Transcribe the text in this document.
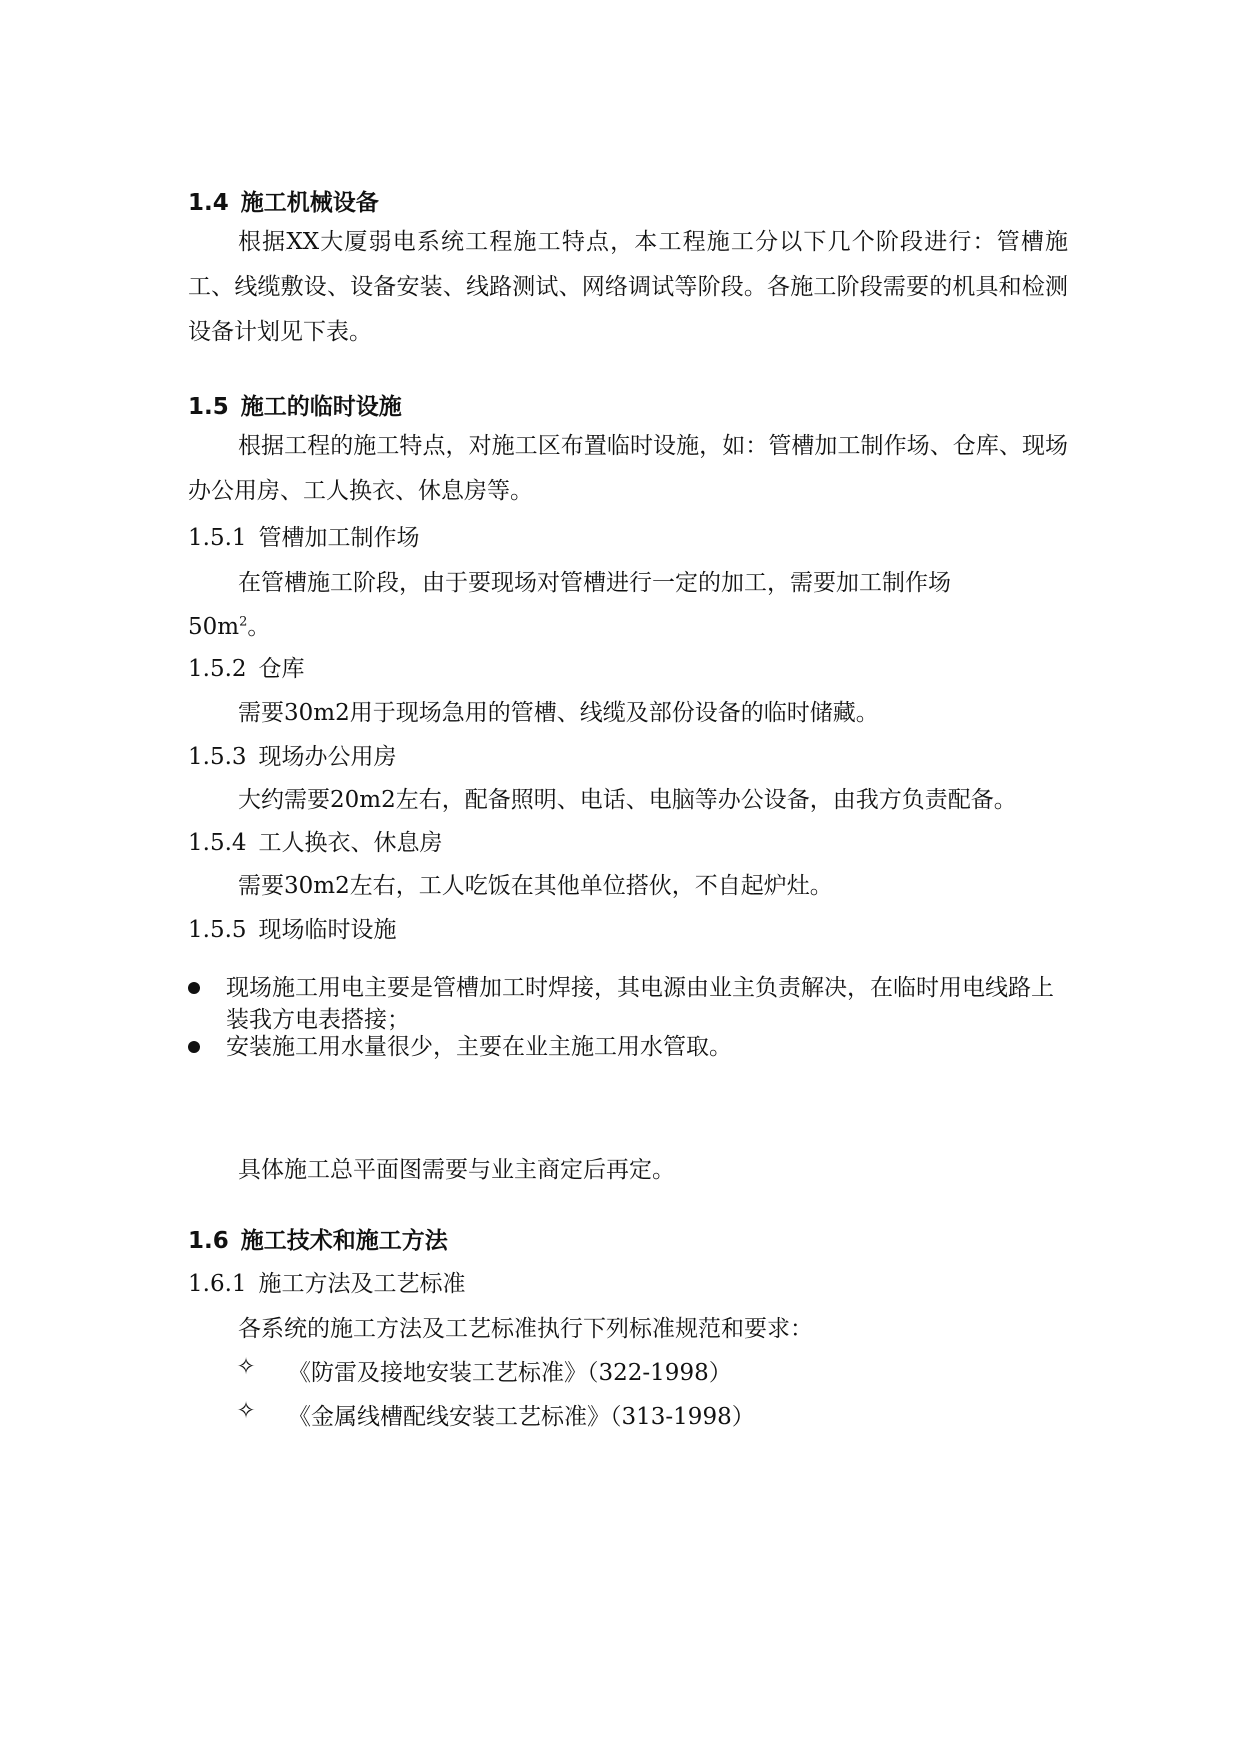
1.4 施工机械设备

根据XX大厦弱电系统工程施工特点，本工程施工分以下几个阶段进行：管槽施工、线缆敷设、设备安装、线路测试、网络调试等阶段。各施工阶段需要的机具和检测设备计划见下表。

1.5 施工的临时设施

根据工程的施工特点，对施工区布置临时设施，如：管槽加工制作场、仓库、现场办公用房、工人换衣、休息房等。

1.5.1 管槽加工制作场
在管槽施工阶段，由于要现场对管槽进行一定的加工，需要加工制作场
$50m^2$。
1.5.2 仓库
需要30m2用于现场急用的管槽、线缆及部份设备的临时储藏。
1.5.3 现场办公用房
大约需要20m2左右，配备照明、电话、电脑等办公设备，由我方负责配备。
1.5.4 工人换衣、休息房
需要30m2左右，工人吃饭在其他单位搭伙，不自起炉灶。
1.5.5 现场临时设施
现场施工用电主要是管槽加工时焊接，其电源由业主负责解决，在临时用电线路上装我方电表搭接；
安装施工用水量很少，主要在业主施工用水管取。
具体施工总平面图需要与业主商定后再定。
1.6 施工技术和施工方法
1.6.1 施工方法及工艺标准
各系统的施工方法及工艺标准执行下列标准规范和要求：
✧ 《防雷及接地安装工艺标准》（322-1998）
✧ 《金属线槽配线安装工艺标准》（313-1998）
